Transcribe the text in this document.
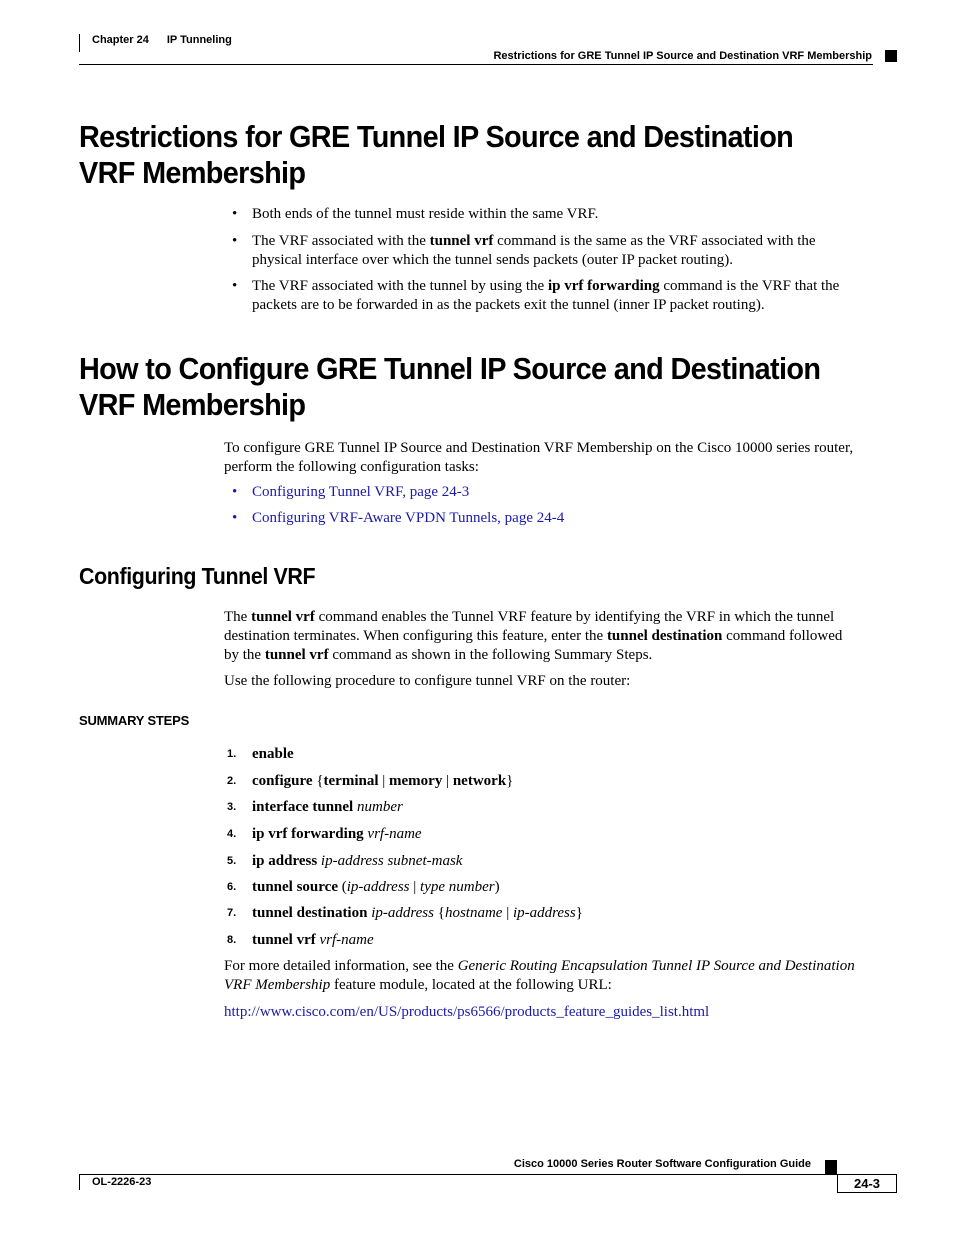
Chapter 24 IP Tunneling
Restrictions for GRE Tunnel IP Source and Destination VRF Membership
Restrictions for GRE Tunnel IP Source and Destination
VRF Membership
• Both ends of the tunnel must reside within the same VRF.
• The VRF associated with the tunnel vrf command is the same as the VRF associated with the
physical interface over which the tunnel sends packets (outer IP packet routing).
• The VRF associated with the tunnel by using the ip vrf forwarding command is the VRF that the
packets are to be forwarded in as the packets exit the tunnel (inner IP packet routing).
How to Configure GRE Tunnel IP Source and Destination
VRF Membership
To configure GRE Tunnel IP Source and Destination VRF Membership on the Cisco 10000 series router,
perform the following configuration tasks:
• Configuring Tunnel VRF, page 24-3
• Configuring VRF-Aware VPDN Tunnels, page 24-4
Configuring Tunnel VRF
The tunnel vrf command enables the Tunnel VRF feature by identifying the VRF in which the tunnel
destination terminates. When configuring this feature, enter the tunnel destination command followed
by the tunnel vrf command as shown in the following Summary Steps.
Use the following procedure to configure tunnel VRF on the router:
SUMMARY STEPS
1. enable
2. configure {terminal | memory | network}
3. interface tunnel number
4. ip vrf forwarding vrf-name
5. ip address ip-address subnet-mask
6. tunnel source (ip-address | type number)
7. tunnel destination ip-address {hostname | ip-address}
8. tunnel vrf vrf-name
For more detailed information, see the Generic Routing Encapsulation Tunnel IP Source and Destination
VRF Membership feature module, located at the following URL:
http://www.cisco.com/en/US/products/ps6566/products_feature_guides_list.html
Cisco 10000 Series Router Software Configuration Guide
OL-2226-23	24-3
